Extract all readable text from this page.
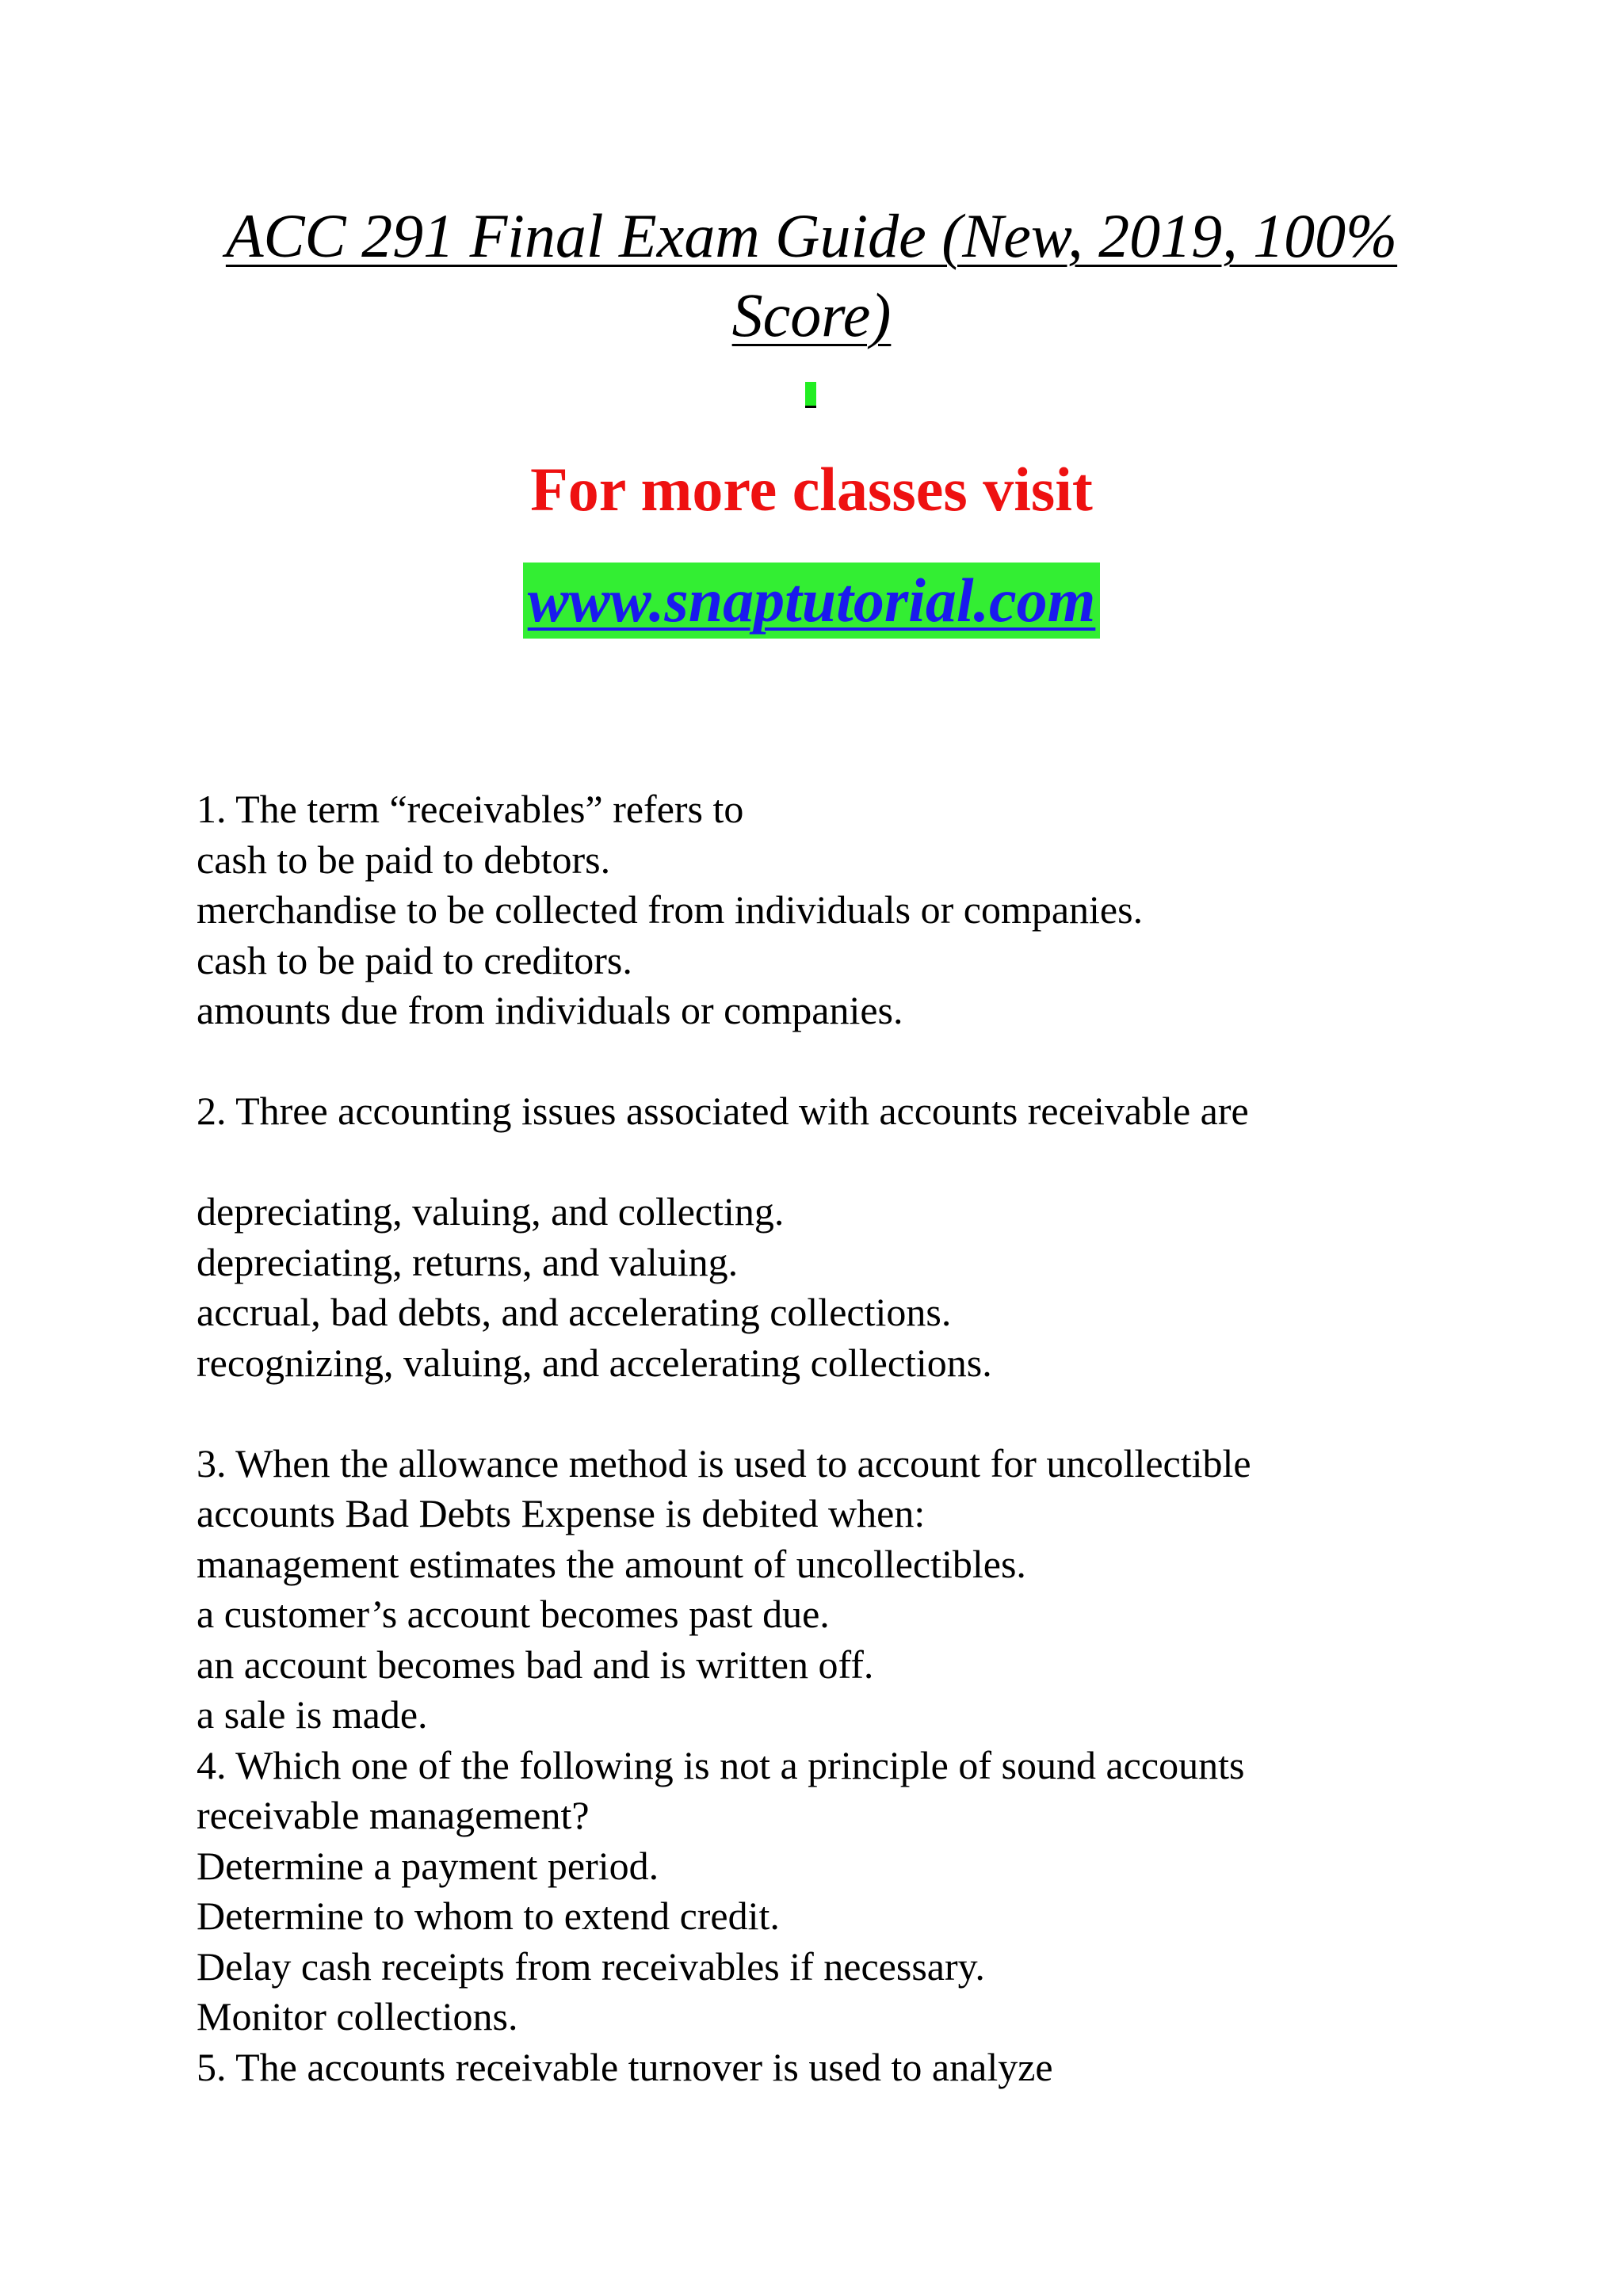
ACC 291 Final Exam Guide (New, 2019, 100%
Score)
For more classes visit
www.snaptutorial.com
1. The term “receivables” refers to
cash to be paid to debtors.
merchandise to be collected from individuals or companies.
cash to be paid to creditors.
amounts due from individuals or companies.
2. Three accounting issues associated with accounts receivable are
depreciating, valuing, and collecting.
depreciating, returns, and valuing.
accrual, bad debts, and accelerating collections.
recognizing, valuing, and accelerating collections.
3. When the allowance method is used to account for uncollectible
accounts Bad Debts Expense is debited when:
management estimates the amount of uncollectibles.
a customer’s account becomes past due.
an account becomes bad and is written off.
a sale is made.
4. Which one of the following is not a principle of sound accounts
receivable management?
Determine a payment period.
Determine to whom to extend credit.
Delay cash receipts from receivables if necessary.
Monitor collections.
5. The accounts receivable turnover is used to analyze
